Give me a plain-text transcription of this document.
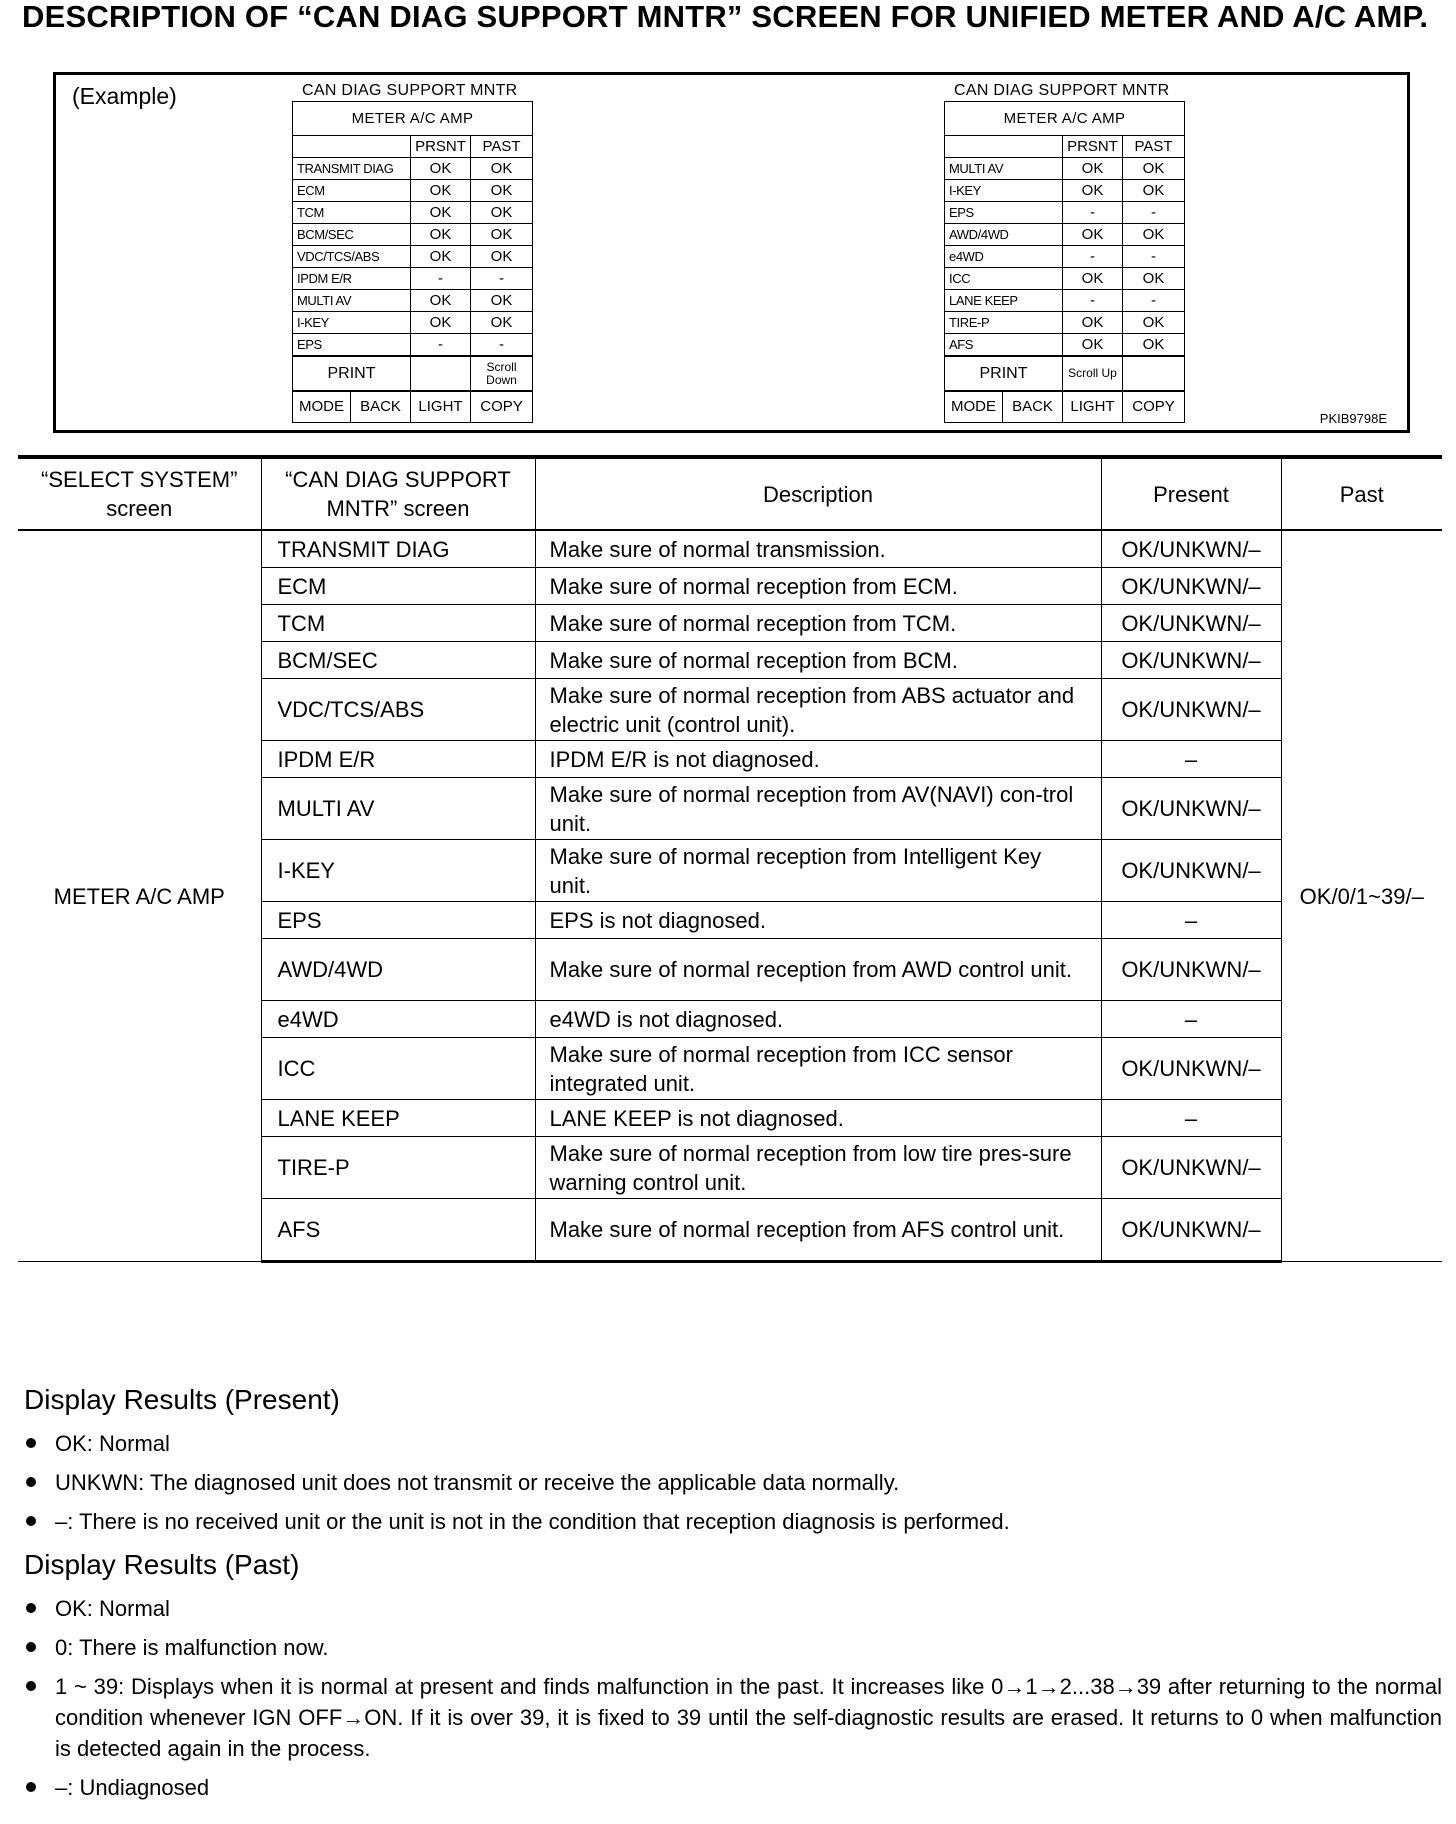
DESCRIPTION OF “CAN DIAG SUPPORT MNTR” SCREEN FOR UNIFIED METER AND A/C AMP.
(Example)	CAN DIAG SUPPORT MNTR
METER A/C AMP		
	PRSNT	PAST
TRANSMIT DIAG	OK	OK
ECM	OK	OK
TCM	OK	OK
BCM/SEC	OK	OK
VDC/TCS/ABS	OK	OK
IPDM E/R	-	-
MULTI AV	OK	OK
I-KEY	OK	OK
EPS	-	-
PRINT		Scroll
Down
MODE	BACK	LIGHT	COPY
CAN DIAG SUPPORT MNTR
METER A/C AMP		
	PRSNT	PAST
MULTI AV	OK	OK
I-KEY	OK	OK
EPS	-	-
AWD/4WD	OK	OK
e4WD	-	-
ICC	OK	OK
LANE KEEP	-	-
TIRE-P	OK	OK
AFS	OK	OK
PRINT	Scroll Up	
MODE	BACK	LIGHT	COPY
PKIB9798E
“SELECT SYSTEM” screen	“CAN DIAG SUPPORT MNTR” screen	Description	Present	Past
METER A/C AMP	TRANSMIT DIAG	Make sure of normal transmission.	OK/UNKWN/–	OK/0/1~39/–
	ECM	Make sure of normal reception from ECM.	OK/UNKWN/–	
	TCM	Make sure of normal reception from TCM.	OK/UNKWN/–	
	BCM/SEC	Make sure of normal reception from BCM.	OK/UNKWN/–	
	VDC/TCS/ABS	Make sure of normal reception from ABS actuator and electric unit (control unit).	OK/UNKWN/–	
	IPDM E/R	IPDM E/R is not diagnosed.	–	
	MULTI AV	Make sure of normal reception from AV(NAVI) con-trol unit.	OK/UNKWN/–	
	I-KEY	Make sure of normal reception from Intelligent Key unit.	OK/UNKWN/–	
	EPS	EPS is not diagnosed.	–	
	AWD/4WD	Make sure of normal reception from AWD control unit.	OK/UNKWN/–	
	e4WD	e4WD is not diagnosed.	–	
	ICC	Make sure of normal reception from ICC sensor integrated unit.	OK/UNKWN/–	
	LANE KEEP	LANE KEEP is not diagnosed.	–	
	TIRE-P	Make sure of normal reception from low tire pres-sure warning control unit.	OK/UNKWN/–	
	AFS	Make sure of normal reception from AFS control unit.	OK/UNKWN/–	
Display Results (Present)
OK: Normal
UNKWN: The diagnosed unit does not transmit or receive the applicable data normally.
–: There is no received unit or the unit is not in the condition that reception diagnosis is performed.
Display Results (Past)
OK: Normal
0: There is malfunction now.
1 ~ 39: Displays when it is normal at present and finds malfunction in the past. It increases like 0→1→2...38→39 after returning to the normal condition whenever IGN OFF→ON. If it is over 39, it is fixed to 39 until the self-diagnostic results are erased. It returns to 0 when malfunction is detected again in the process.
–: Undiagnosed
